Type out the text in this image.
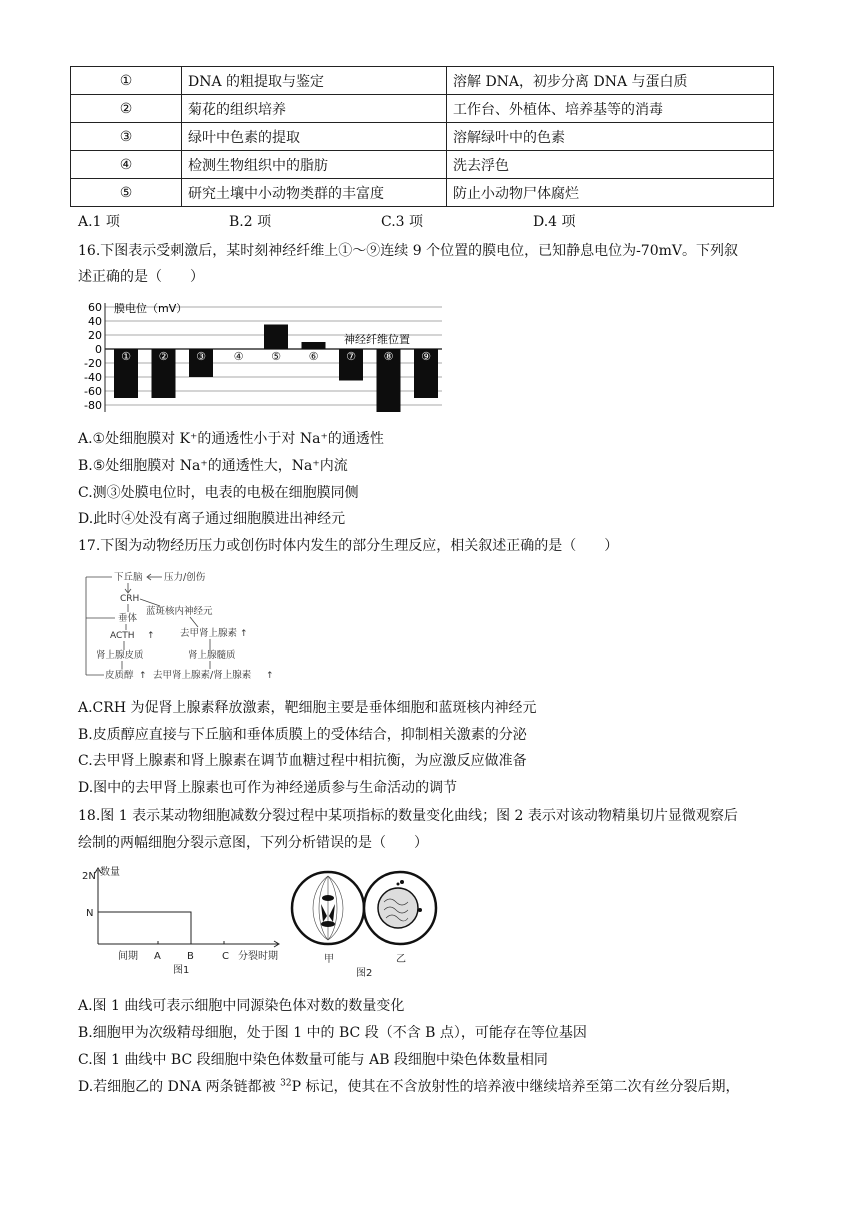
①	DNA 的粗提取与鉴定	溶解 DNA，初步分离 DNA 与蛋白质
②	菊花的组织培养	工作台、外植体、培养基等的消毒
③	绿叶中色素的提取	溶解绿叶中的色素
④	检测生物组织中的脂肪	洗去浮色
⑤	研究土壤中小动物类群的丰富度	防止小动物尸体腐烂
A.1 项	B.2 项	C.3 项	D.4 项
16.下图表示受刺激后，某时刻神经纤维上①～⑨连续 9 个位置的膜电位，已知静息电位为-70mV。下列叙
述正确的是（　　）
60
40
20
0
-20
-40
-60
-80
①	②	③	④	⑤	⑥	⑦	⑧	⑨
膜电位（mV）
神经纤维位置
A.①处细胞膜对 K⁺的通透性小于对 Na⁺的通透性
B.⑤处细胞膜对 Na⁺的通透性大，Na⁺内流
C.测③处膜电位时，电表的电极在细胞膜同侧
D.此时④处没有离子通过细胞膜进出神经元
17.下图为动物经历压力或创伤时体内发生的部分生理反应，相关叙述正确的是（　　）
下丘脑 压力/创伤
CRH
蓝斑核内神经元
垂体
ACTH ↑	去甲肾上腺素 ↑
肾上腺皮质	肾上腺髓质
皮质醇 ↑ 去甲肾上腺素/肾上腺素 ↑
A.CRH 为促肾上腺素释放激素，靶细胞主要是垂体细胞和蓝斑核内神经元
B.皮质醇应直接与下丘脑和垂体质膜上的受体结合，抑制相关激素的分泌
C.去甲肾上腺素和肾上腺素在调节血糖过程中相抗衡，为应激反应做准备
D.图中的去甲肾上腺素也可作为神经递质参与生命活动的调节
18.图 1 表示某动物细胞减数分裂过程中某项指标的数量变化曲线；图 2 表示对该动物精巢切片显微观察后
绘制的两幅细胞分裂示意图，下列分析错误的是（　　）
2N
N
数量
间期 A	B	C 分裂时期
图1
甲	乙
图2
A.图 1 曲线可表示细胞中同源染色体对数的数量变化
B.细胞甲为次级精母细胞，处于图 1 中的 BC 段（不含 B 点），可能存在等位基因
C.图 1 曲线中 BC 段细胞中染色体数量可能与 AB 段细胞中染色体数量相同
D.若细胞乙的 DNA 两条链都被 $^{32}$P 标记，使其在不含放射性的培养液中继续培养至第二次有丝分裂后期，
